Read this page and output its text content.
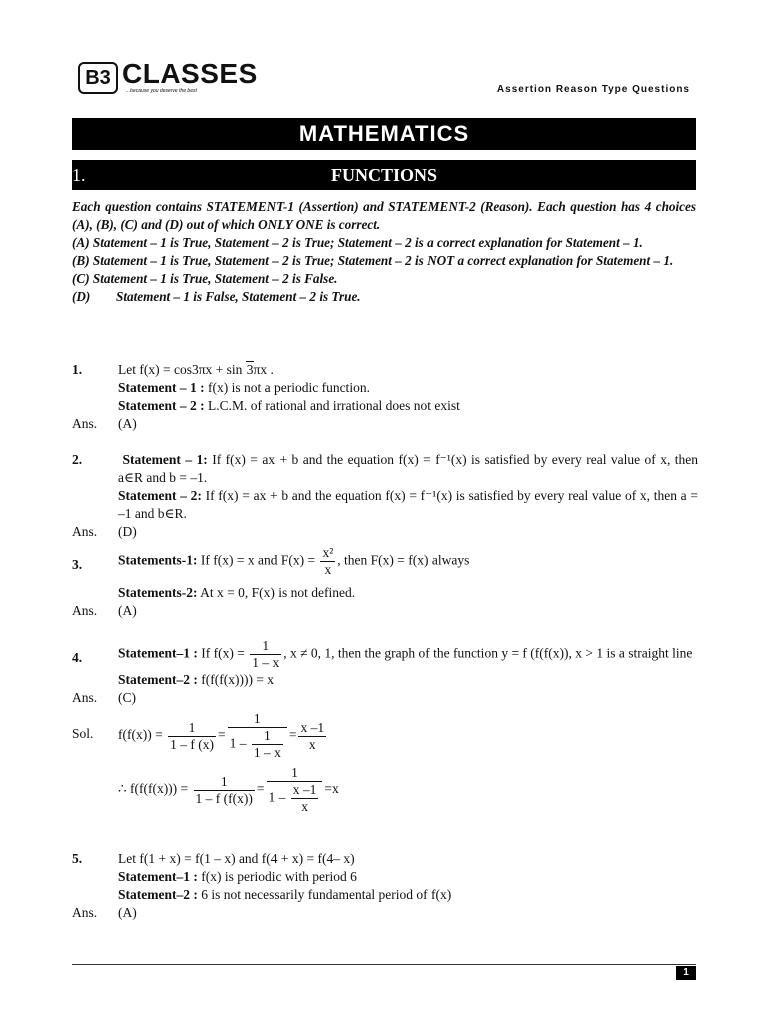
B3 CLASSES
...because you deserve the best	Assertion Reason Type Questions
MATHEMATICS
1.	FUNCTIONS

Each question contains STATEMENT-1 (Assertion) and STATEMENT-2 (Reason). Each question has 4 choices (A), (B), (C) and (D) out of which ONLY ONE is correct.

(A) Statement – 1 is True, Statement – 2 is True; Statement – 2 is a correct explanation for Statement – 1.

(B) Statement – 1 is True, Statement – 2 is True; Statement – 2 is NOT a correct explanation for Statement – 1.

(C) Statement – 1 is True, Statement – 2 is False.

(D)	Statement – 1 is False, Statement – 2 is True.

1.	Let f(x) = cos3πx + sin 3πx .
Statement – 1 : f(x) is not a periodic function.
Statement – 2 : L.C.M. of rational and irrational does not exist
Ans. (A)
2.	Statement – 1: If f(x) = ax + b and the equation f(x) = f⁻¹(x) is satisfied by every real value of x, then a∈R and b = –1.
Statement – 2: If f(x) = ax + b and the equation f(x) = f⁻¹(x) is satisfied by every real value of x, then a = –1 and b∈R.
Ans. (D)
3.	Statements-1: If f(x) = x and $F(x) = \frac{\text{x²}}{x}$ , then F(x) = f(x) always
Statements-2: At x = 0, F(x) is not defined.
Ans. (A)
4.	Statement–1 : If $f(x) = \frac{1}{1 - x}$ , x ≠ 0, 1, then the graph of the function y = f (f(f(x)), x > 1 is a straight line
Statement–2 : f(f(f(x)))) = x
Ans. (C)
Sol. $f(f(x)) = \frac{1}{1 - f (x)} = \frac{1}{1 - \frac{1}{1 - x}} = \frac{x -1}{x}$
∴ $f(f(f(x))) = \frac{1}{1 - f (f(x))} = \frac{1}{1 - \frac{x -1}{x}} =x$
5.	Let f(1 + x) = f(1 – x) and f(4 + x) = f(4– x)
Statement–1 : f(x) is periodic with period 6
Statement–2 : 6 is not necessarily fundamental period of f(x)
Ans. (A)
1
